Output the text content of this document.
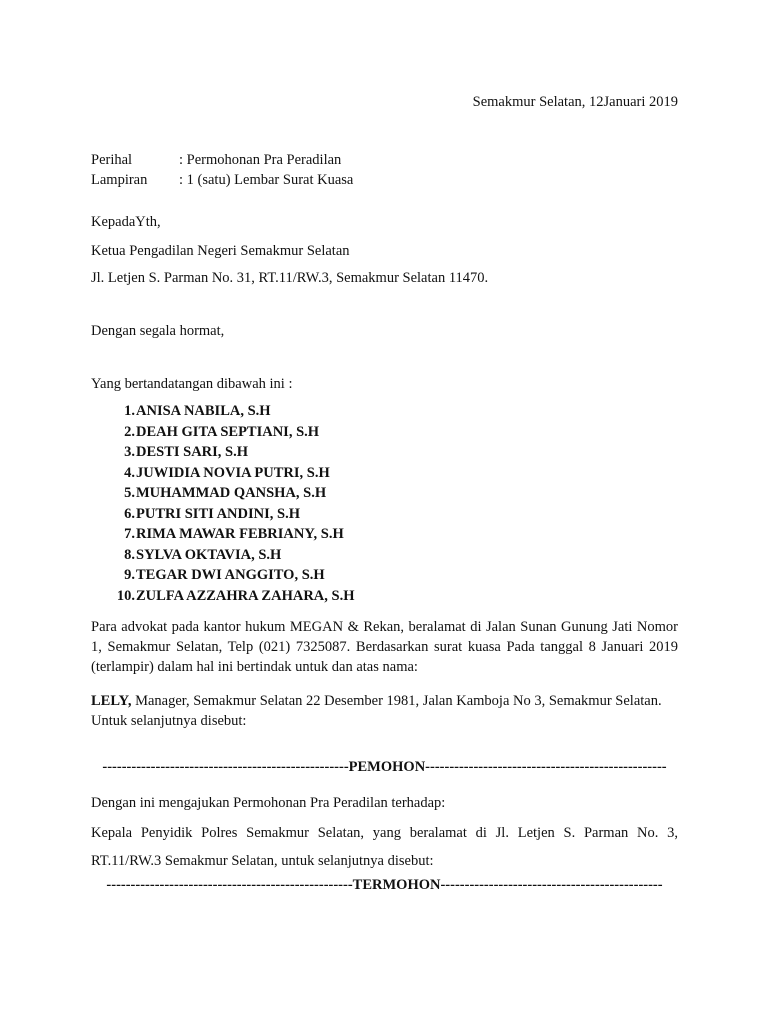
Semakmur Selatan, 12Januari 2019
Perihal	: Permohonan Pra Peradilan
Lampiran : 1 (satu) Lembar Surat Kuasa
KepadaYth,
Ketua Pengadilan Negeri Semakmur Selatan
Jl. Letjen S. Parman No. 31, RT.11/RW.3, Semakmur Selatan 11470.
Dengan segala hormat,
Yang bertandatangan dibawah ini :
1.ANISA NABILA, S.H
2.DEAH GITA SEPTIANI, S.H
3.DESTI SARI, S.H
4.JUWIDIA NOVIA PUTRI, S.H
5.MUHAMMAD QANSHA, S.H
6.PUTRI SITI ANDINI, S.H
7.RIMA MAWAR FEBRIANY, S.H
8.SYLVA OKTAVIA, S.H
9.TEGAR DWI ANGGITO, S.H
10.ZULFA AZZAHRA ZAHARA, S.H
Para advokat pada kantor hukum MEGAN & Rekan, beralamat di Jalan Sunan Gunung Jati Nomor 1, Semakmur Selatan, Telp (021) 7325087. Berdasarkan surat kuasa Pada tanggal 8 Januari 2019 (terlampir) dalam hal ini bertindak untuk dan atas nama:
LELY, Manager, Semakmur Selatan 22 Desember 1981, Jalan Kamboja No 3, Semakmur Selatan. Untuk selanjutnya disebut:
---------------------------------------------------PEMOHON--------------------------------------------------
Dengan ini mengajukan Permohonan Pra Peradilan terhadap:
Kepala Penyidik Polres Semakmur Selatan, yang beralamat di Jl. Letjen S. Parman No. 3, RT.11/RW.3 Semakmur Selatan, untuk selanjutnya disebut:
---------------------------------------------------TERMOHON----------------------------------------------
